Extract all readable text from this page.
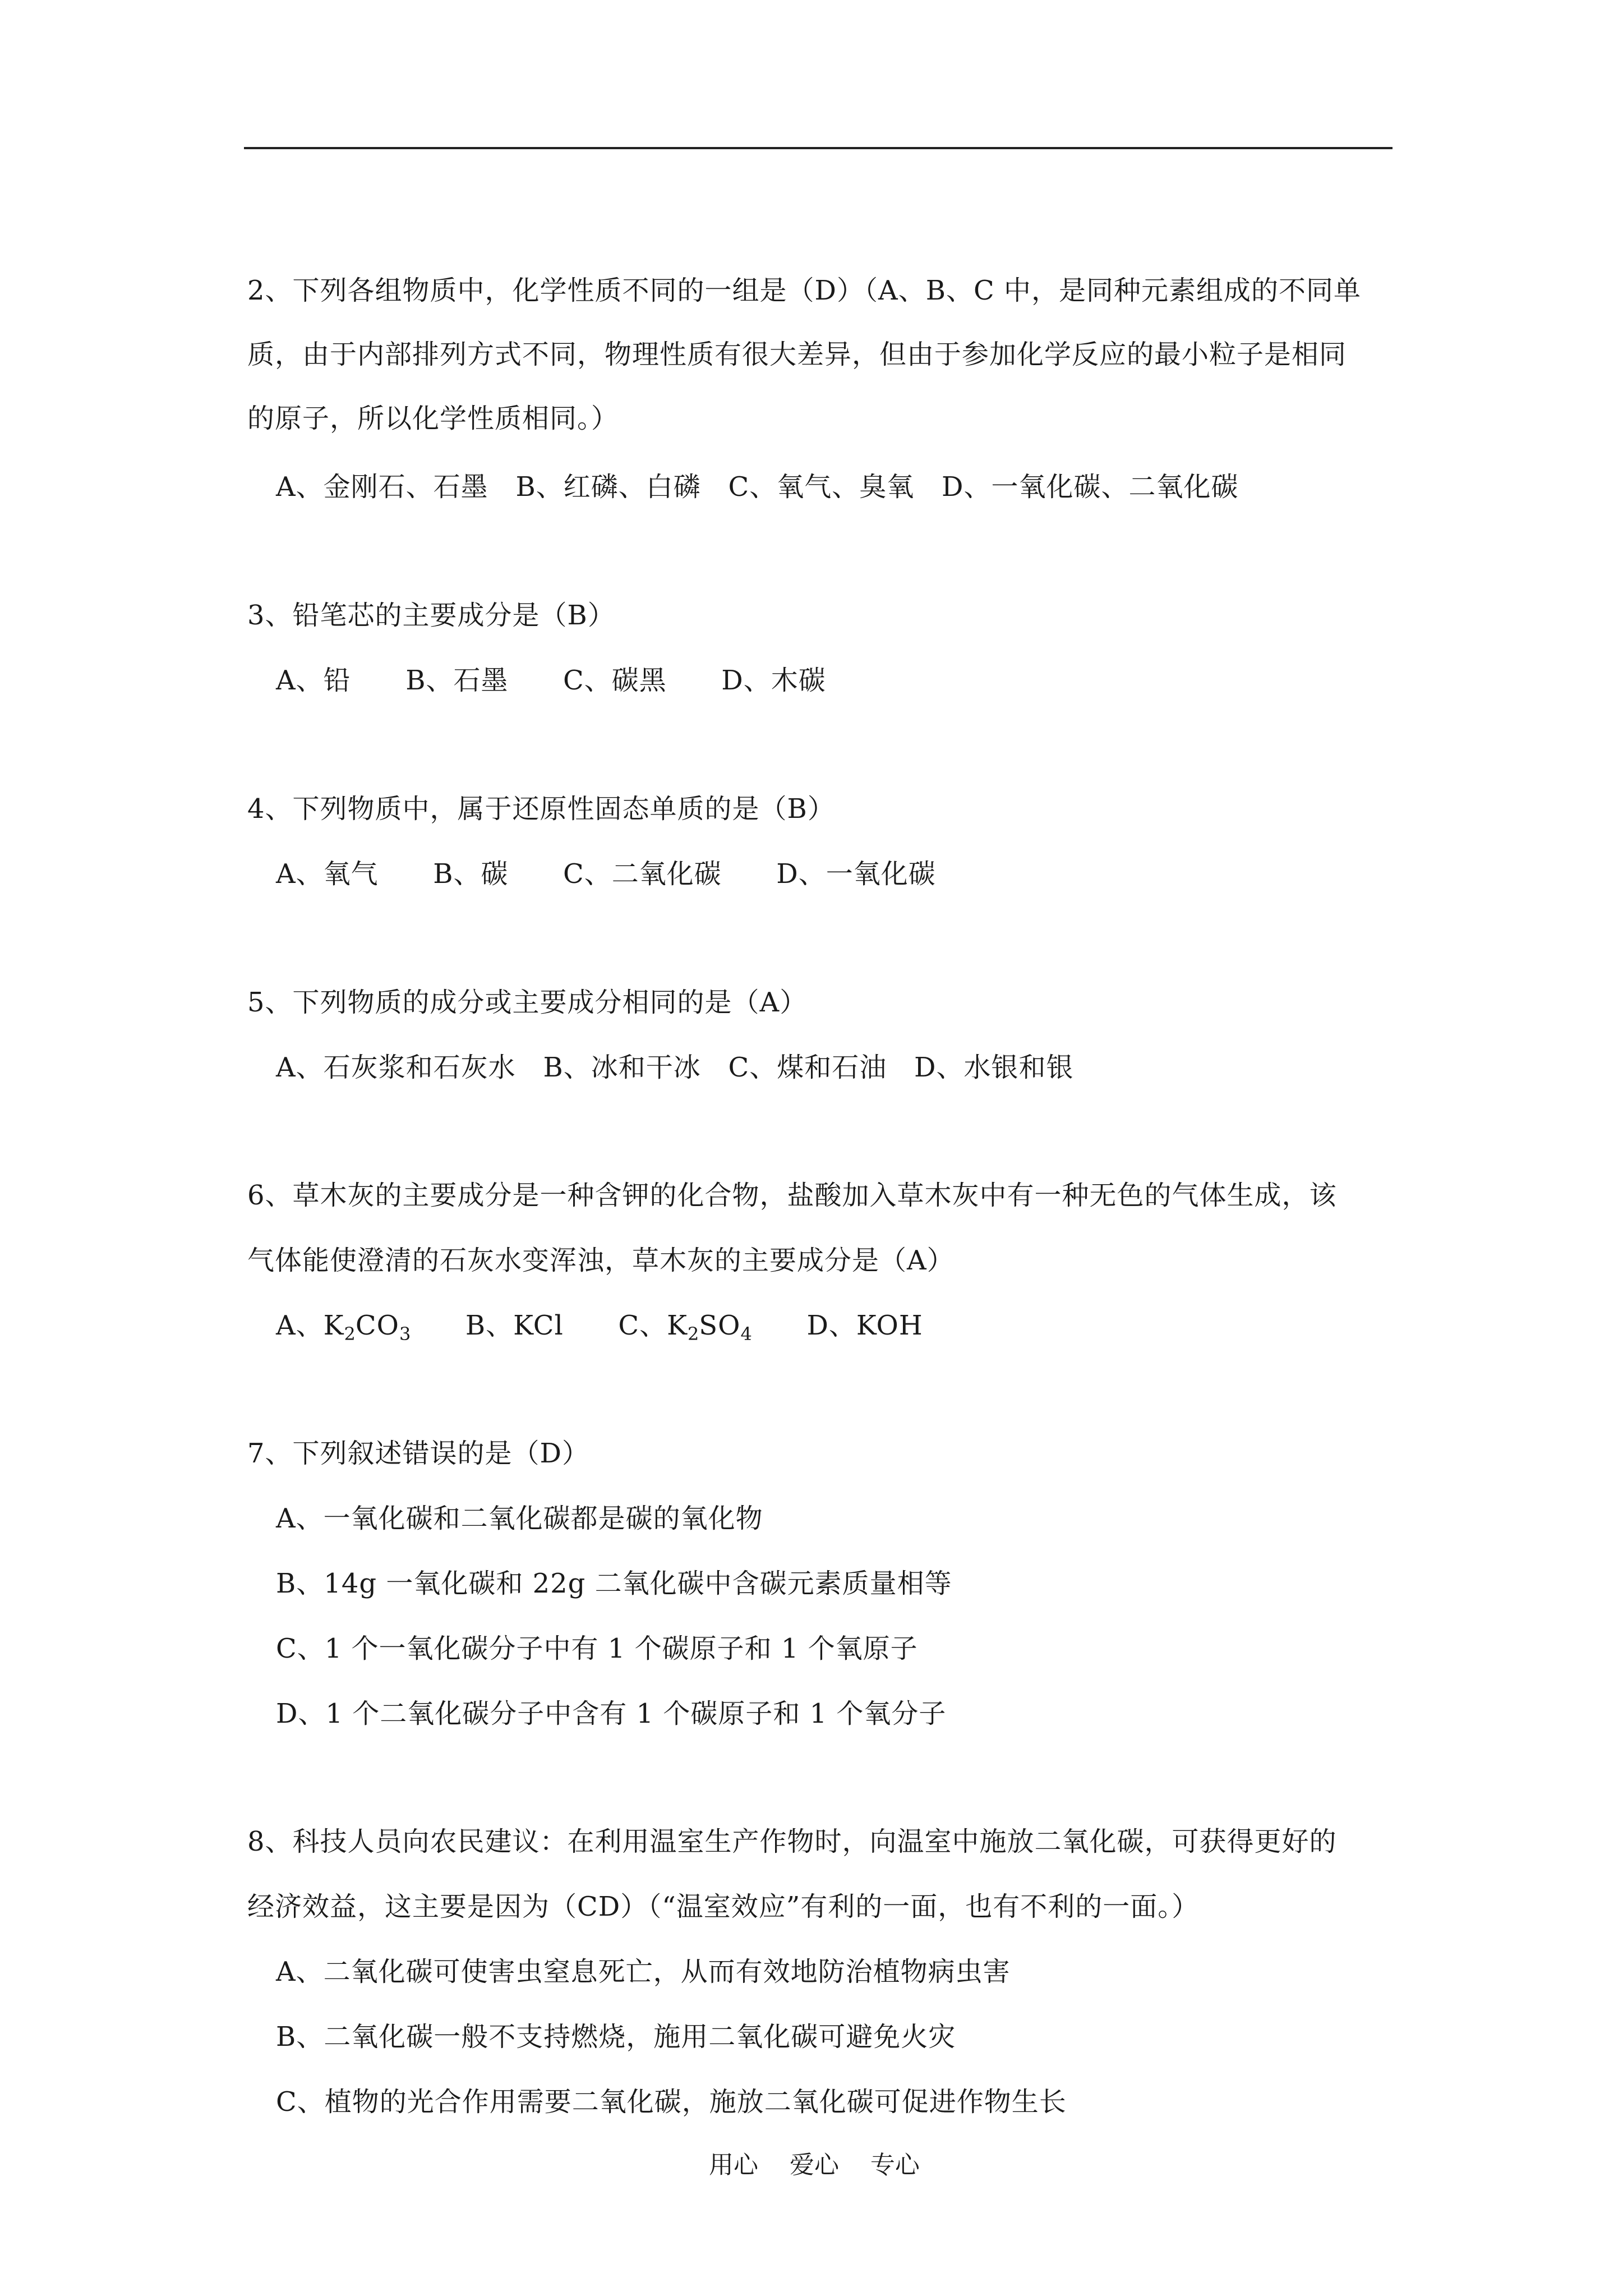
2、下列各组物质中，化学性质不同的一组是（D）（A、B、C 中，是同种元素组成的不同单
质，由于内部排列方式不同，物理性质有很大差异，但由于参加化学反应的最小粒子是相同
的原子，所以化学性质相同。）
A、金刚石、石墨   B、红磷、白磷   C、氧气、臭氧   D、一氧化碳、二氧化碳
3、铅笔芯的主要成分是（B）
A、铅      B、石墨      C、碳黑      D、木碳
4、下列物质中，属于还原性固态单质的是（B）
A、氧气      B、碳      C、二氧化碳      D、一氧化碳
5、下列物质的成分或主要成分相同的是（A）
A、石灰浆和石灰水   B、冰和干冰   C、煤和石油   D、水银和银
6、草木灰的主要成分是一种含钾的化合物，盐酸加入草木灰中有一种无色的气体生成，该
气体能使澄清的石灰水变浑浊，草木灰的主要成分是（A）
A、$K_2CO_3$      B、KCl      C、$K_2SO_4$      D、KOH
7、下列叙述错误的是（D）
A、一氧化碳和二氧化碳都是碳的氧化物
B、14g 一氧化碳和 22g 二氧化碳中含碳元素质量相等
C、1 个一氧化碳分子中有 1 个碳原子和 1 个氧原子
D、1 个二氧化碳分子中含有 1 个碳原子和 1 个氧分子
8、科技人员向农民建议：在利用温室生产作物时，向温室中施放二氧化碳，可获得更好的
经济效益，这主要是因为（CD）（“温室效应”有利的一面，也有不利的一面。）
A、二氧化碳可使害虫窒息死亡，从而有效地防治植物病虫害
B、二氧化碳一般不支持燃烧，施用二氧化碳可避免火灾
C、植物的光合作用需要二氧化碳，施放二氧化碳可促进作物生长
用心    爱心    专心
